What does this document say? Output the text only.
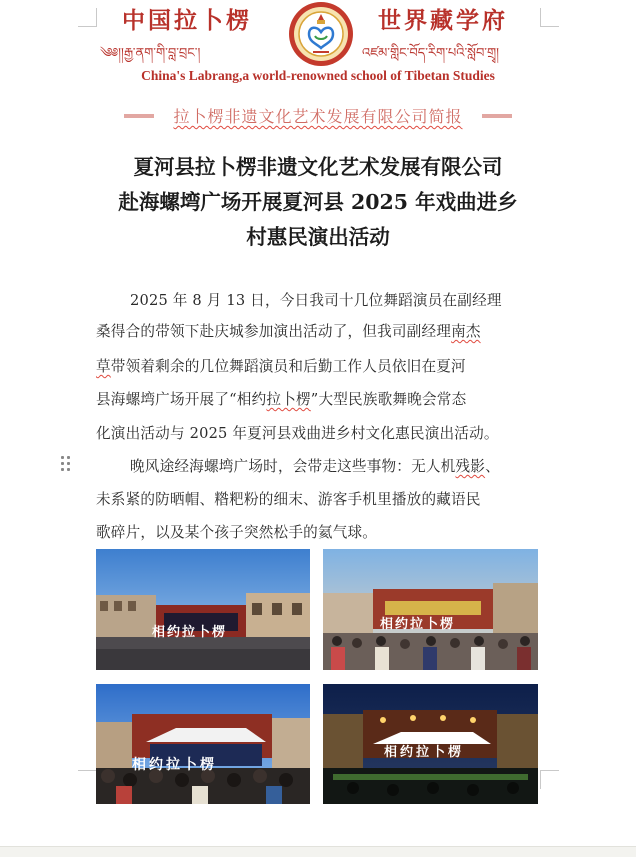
中国拉卜楞	世界藏学府
༄༅།།རྒྱ་ནག་གི་བླ་བྲང་།	འཛམ་གླིང་བོད་རིག་པའི་སློབ་གྲྭ།
China's Labrang,a world-renowned school of Tibetan Studies
拉卜楞非遗文化艺术发展有限公司简报
夏河县拉卜楞非遗文化艺术发展有限公司
赴海螺塆广场开展夏河县 2025 年戏曲进乡
村惠民演出活动
2025 年 8 月 13 日，今日我司十几位舞蹈演员在副经理
桑得合的带领下赴庆城参加演出活动了，但我司副经理南杰
草带领着剩余的几位舞蹈演员和后勤工作人员依旧在夏河
县海螺塆广场开展了“相约拉卜楞”大型民族歌舞晚会常态
化演出活动与 2025 年夏河县戏曲进乡村文化惠民演出活动。
晚风途经海螺塆广场时，会带走这些事物：无人机残影、
未系紧的防晒帽、糌粑粉的细末、游客手机里播放的藏语民
歌碎片，以及某个孩子突然松手的氦气球。
相约拉卜楞
相约拉卜楞
相约拉卜楞
相约拉卜楞
